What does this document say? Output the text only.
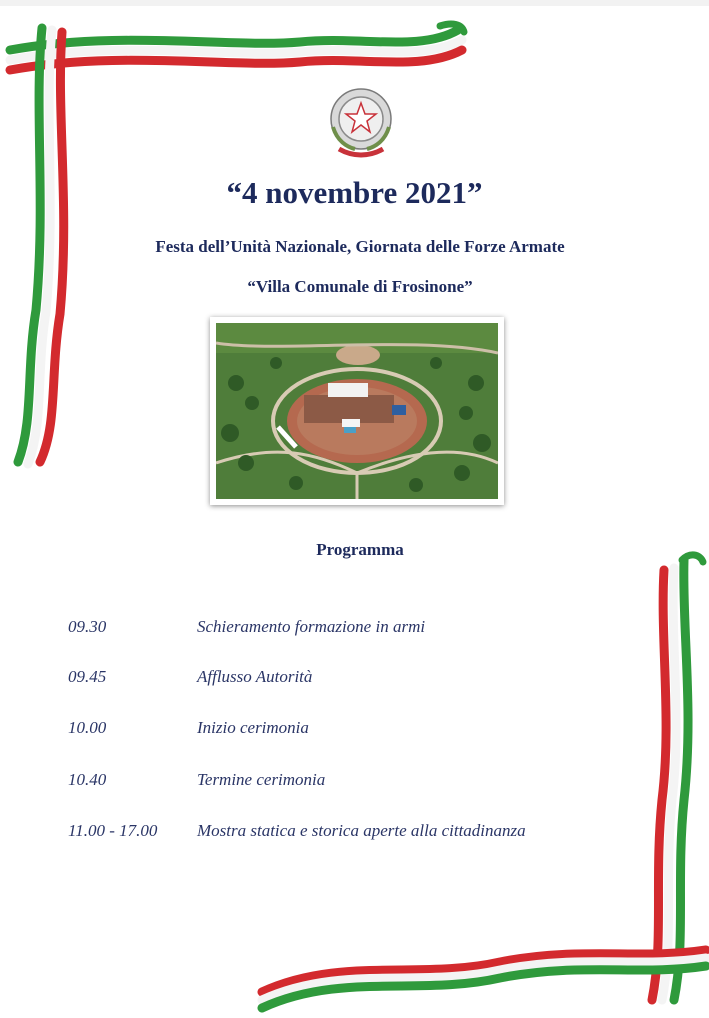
“4 novembre 2021”
Festa dell’Unità Nazionale, Giornata delle Forze Armate
“Villa Comunale di Frosinone”
Programma
09.30	Schieramento formazione in armi
09.45	Afflusso Autorità
10.00	Inizio cerimonia
10.40	Termine cerimonia
11.00 - 17.00 Mostra statica e storica aperte alla cittadinanza
